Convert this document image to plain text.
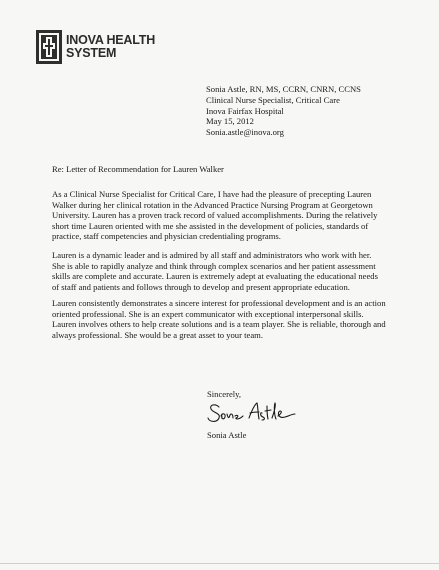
INOVA HEALTH
SYSTEM
Sonia Astle, RN, MS, CCRN, CNRN, CCNS
Clinical Nurse Specialist, Critical Care
Inova Fairfax Hospital
May 15, 2012
Sonia.astle@inova.org
Re: Letter of Recommendation for Lauren Walker
As a Clinical Nurse Specialist for Critical Care, I have had the pleasure of precepting Lauren
Walker during her clinical rotation in the Advanced Practice Nursing Program at Georgetown
University. Lauren has a proven track record of valued accomplishments. During the relatively
short time Lauren oriented with me she assisted in the development of policies, standards of
practice, staff competencies and physician credentialing programs.
Lauren is a dynamic leader and is admired by all staff and administrators who work with her.
She is able to rapidly analyze and think through complex scenarios and her patient assessment
skills are complete and accurate. Lauren is extremely adept at evaluating the educational needs
of staff and patients and follows through to develop and present appropriate education.
Lauren consistently demonstrates a sincere interest for professional development and is an action
oriented professional. She is an expert communicator with exceptional interpersonal skills.
Lauren involves others to help create solutions and is a team player. She is reliable, thorough and
always professional. She would be a great asset to your team.
Sincerely,
Sonia Astle
